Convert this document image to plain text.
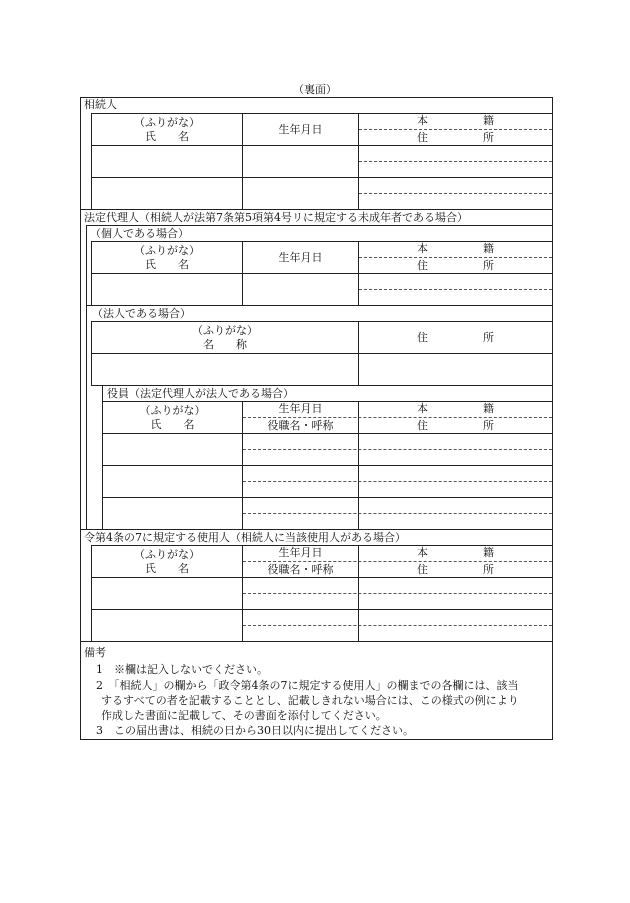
（裏面）
相続人
（ふりがな）
氏　　名
生年月日
本　　　　　籍
住　　　　　所
法定代理人（相続人が法第7条第5項第4号リに規定する未成年者である場合）
（個人である場合）
（ふりがな）
氏　　名
生年月日
本　　　　　籍
住　　　　　所
（法人である場合）
（ふりがな）
名　　称
住　　　　　所
役員（法定代理人が法人である場合）
（ふりがな）
氏　　名
生年月日
役職名・呼称
本　　　　　籍
住　　　　　所
令第4条の7に規定する使用人（相続人に当該使用人がある場合）
（ふりがな）
氏　　名
生年月日
役職名・呼称
本　　　　　籍
住　　　　　所
備考
1　※欄は記入しないでください。
2　「相続人」の欄から「政令第4条の7に規定する使用人」の欄までの各欄には、該当
するすべての者を記載することとし、記載しきれない場合には、この様式の例により
作成した書面に記載して、その書面を添付してください。
3　この届出書は、相続の日から30日以内に提出してください。
